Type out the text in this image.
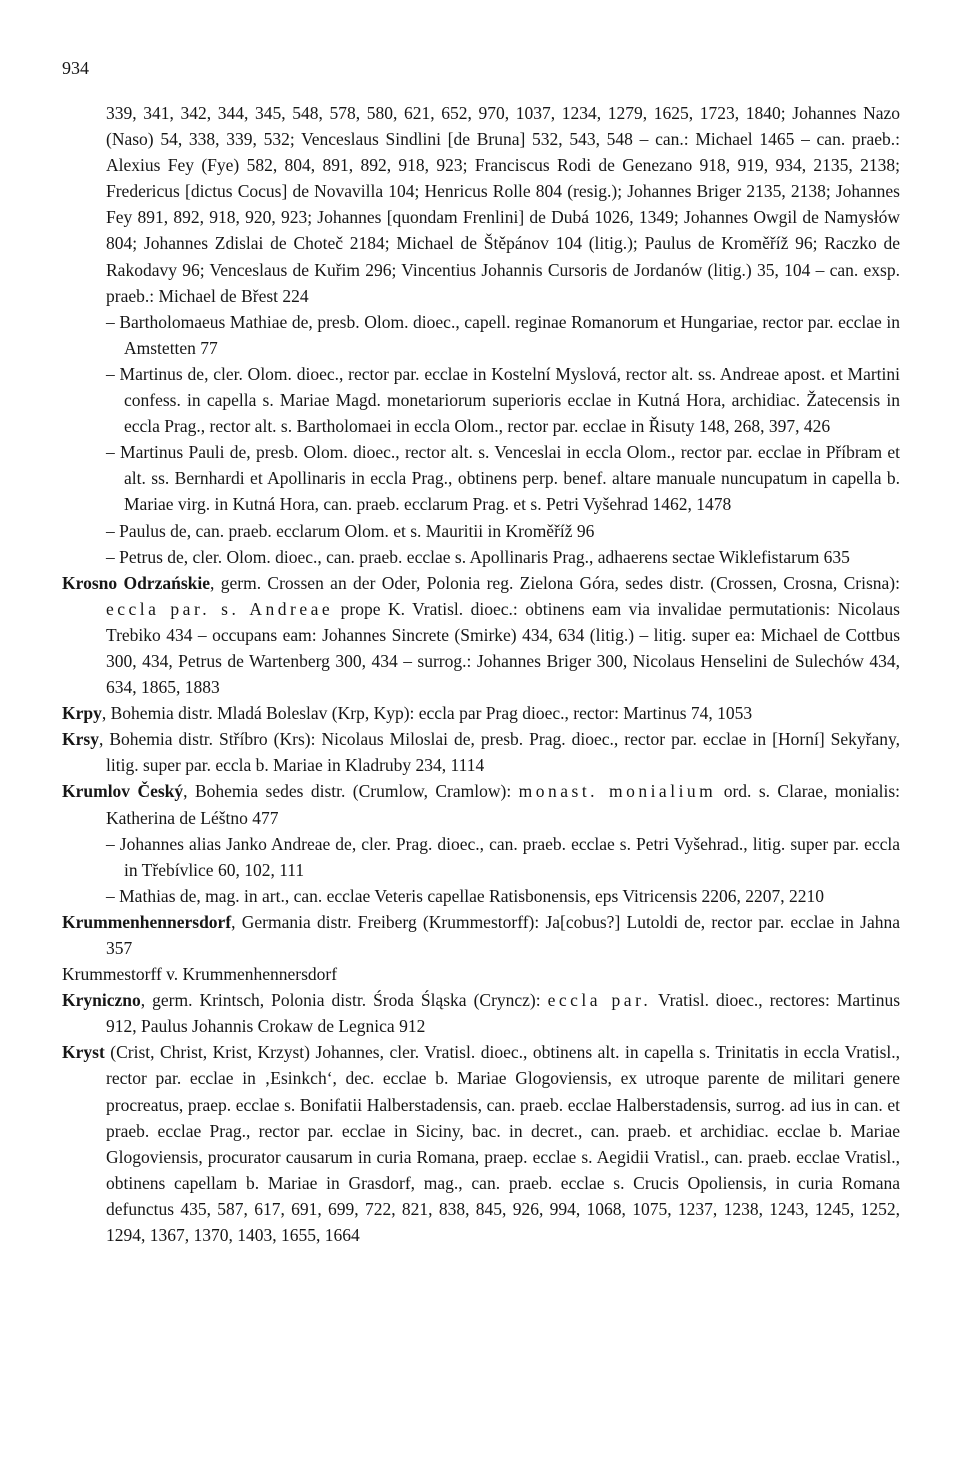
934

339, 341, 342, 344, 345, 548, 578, 580, 621, 652, 970, 1037, 1234, 1279, 1625, 1723, 1840; Johannes Nazo (Naso) 54, 338, 339, 532; Venceslaus Sindlini [de Bruna] 532, 543, 548 – can.: Michael 1465 – can. praeb.: Alexius Fey (Fye) 582, 804, 891, 892, 918, 923; Franciscus Rodi de Genezano 918, 919, 934, 2135, 2138; Fredericus [dictus Cocus] de Novavilla 104; Henricus Rolle 804 (resig.); Johannes Briger 2135, 2138; Johannes Fey 891, 892, 918, 920, 923; Johannes [quondam Frenlini] de Dubá 1026, 1349; Johannes Owgil de Namysłów 804; Johannes Zdislai de Choteč 2184; Michael de Štěpánov 104 (litig.); Paulus de Kroměříž 96; Raczko de Rakodavy 96; Venceslaus de Kuřim 296; Vincentius Johannis Cursoris de Jordanów (litig.) 35, 104 – can. exsp. praeb.: Michael de Břest 224

– Bartholomaeus Mathiae de, presb. Olom. dioec., capell. reginae Romanorum et Hungariae, rector par. ecclae in Amstetten 77

– Martinus de, cler. Olom. dioec., rector par. ecclae in Kostelní Myslová, rector alt. ss. Andreae apost. et Martini confess. in capella s. Mariae Magd. monetariorum superioris ecclae in Kutná Hora, archidiac. Žatecensis in eccla Prag., rector alt. s. Bartholomaei in eccla Olom., rector par. ecclae in Řisuty 148, 268, 397, 426

– Martinus Pauli de, presb. Olom. dioec., rector alt. s. Venceslai in eccla Olom., rector par. ecclae in Příbram et alt. ss. Bernhardi et Apollinaris in eccla Prag., obtinens perp. benef. altare manuale nuncupatum in capella b. Mariae virg. in Kutná Hora, can. praeb. ecclarum Prag. et s. Petri Vyšehrad 1462, 1478

– Paulus de, can. praeb. ecclarum Olom. et s. Mauritii in Kroměříž 96

– Petrus de, cler. Olom. dioec., can. praeb. ecclae s. Apollinaris Prag., adhaerens sectae Wiklefistarum 635

Krosno Odrzańskie, germ. Crossen an der Oder, Polonia reg. Zielona Góra, sedes distr. (Crossen, Crosna, Crisna): eccla par. s. Andreae prope K. Vratisl. dioec.: obtinens eam via invalidae permutationis: Nicolaus Trebiko 434 – occupans eam: Johannes Sincrete (Smirke) 434, 634 (litig.) – litig. super ea: Michael de Cottbus 300, 434, Petrus de Wartenberg 300, 434 – surrog.: Johannes Briger 300, Nicolaus Henselini de Sulechów 434, 634, 1865, 1883

Krpy, Bohemia distr. Mladá Boleslav (Krp, Kyp): eccla par Prag dioec., rector: Martinus 74, 1053

Krsy, Bohemia distr. Stříbro (Krs): Nicolaus Miloslai de, presb. Prag. dioec., rector par. ecclae in [Horní] Sekyřany, litig. super par. eccla b. Mariae in Kladruby 234, 1114

Krumlov Český, Bohemia sedes distr. (Crumlow, Cramlow): monast. monialium ord. s. Clarae, monialis: Katherina de Léštno 477

– Johannes alias Janko Andreae de, cler. Prag. dioec., can. praeb. ecclae s. Petri Vyšehrad., litig. super par. eccla in Třebívlice 60, 102, 111

– Mathias de, mag. in art., can. ecclae Veteris capellae Ratisbonensis, eps Vitricensis 2206, 2207, 2210

Krummenhennersdorf, Germania distr. Freiberg (Krummestorff): Ja[cobus?] Lutoldi de, rector par. ecclae in Jahna 357

Krummestorff v. Krummenhennersdorf

Kryniczno, germ. Krintsch, Polonia distr. Środa Śląska (Cryncz): eccla par. Vratisl. dioec., rectores: Martinus 912, Paulus Johannis Crokaw de Legnica 912

Kryst (Crist, Christ, Krist, Krzyst) Johannes, cler. Vratisl. dioec., obtinens alt. in capella s. Trinitatis in eccla Vratisl., rector par. ecclae in ‚Esinkch‘, dec. ecclae b. Mariae Glogoviensis, ex utroque parente de militari genere procreatus, praep. ecclae s. Bonifatii Halberstadensis, can. praeb. ecclae Halberstadensis, surrog. ad ius in can. et praeb. ecclae Prag., rector par. ecclae in Siciny, bac. in decret., can. praeb. et archidiac. ecclae b. Mariae Glogoviensis, procurator causarum in curia Romana, praep. ecclae s. Aegidii Vratisl., can. praeb. ecclae Vratisl., obtinens capellam b. Mariae in Grasdorf, mag., can. praeb. ecclae s. Crucis Opoliensis, in curia Romana defunctus 435, 587, 617, 691, 699, 722, 821, 838, 845, 926, 994, 1068, 1075, 1237, 1238, 1243, 1245, 1252, 1294, 1367, 1370, 1403, 1655, 1664
